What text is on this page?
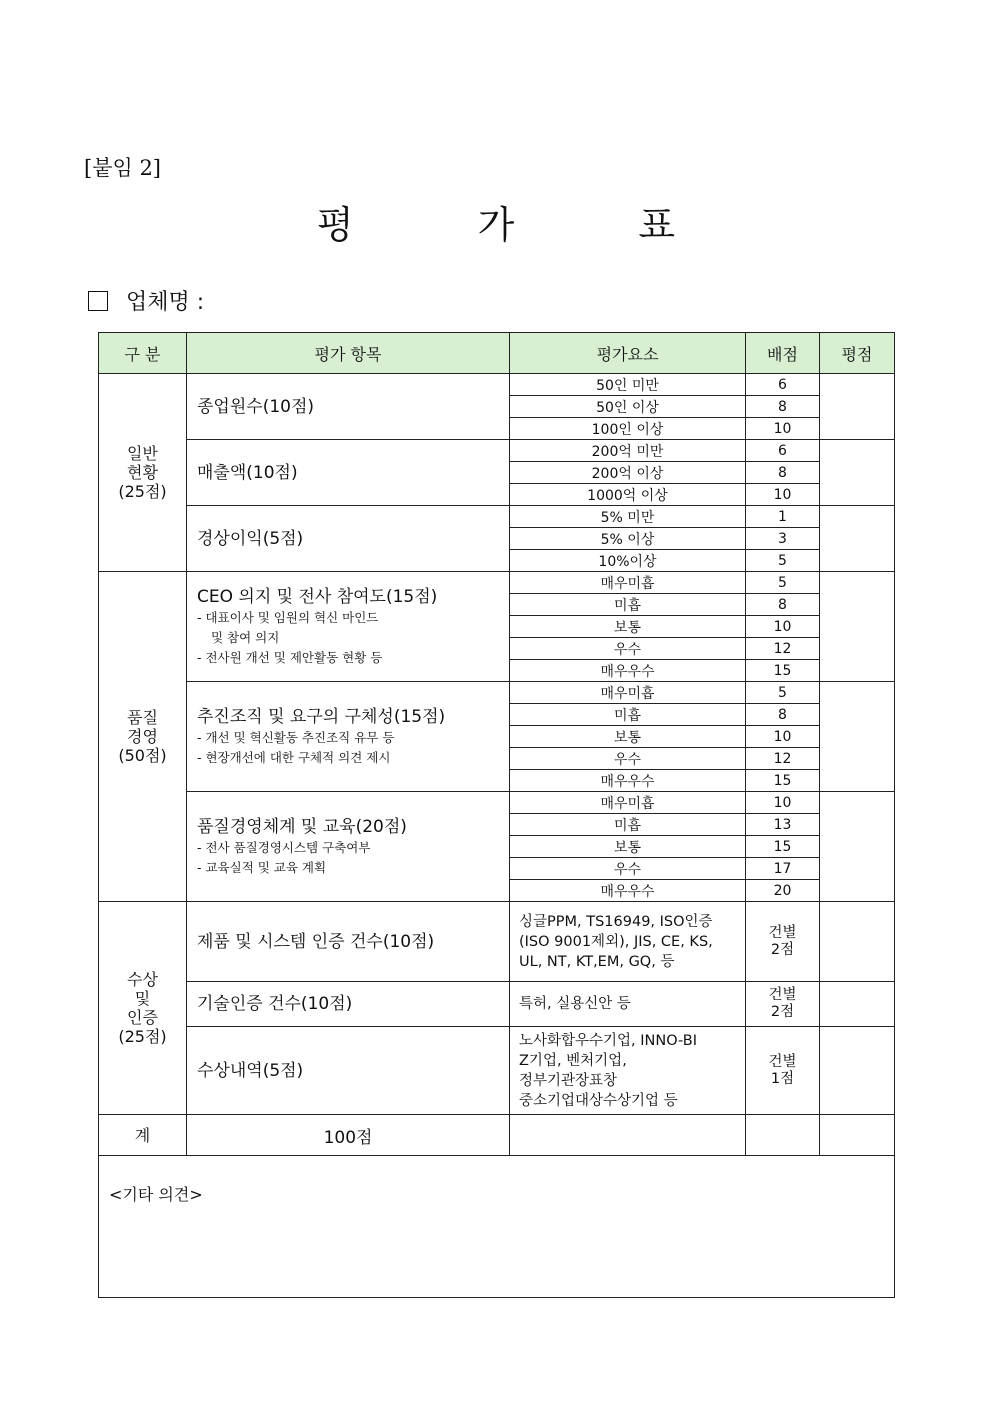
[붙임 2]
평 가 표
업체명 :
구 분	평가 항목	평가요소	배점	평점
일반
현황
(25점)	종업원수(10점)	50인 미만	6	
		50인 이상	8	
		100인 이상	10	
	매출액(10점)	200억 미만	6	
		200억 이상	8	
		1000억 이상	10	
	경상이익(5점)	5% 미만	1	
		5% 이상	3	
		10%이상	5	
품질
경영
(50점)	CEO 의지 및 전사 참여도(15점)
- 대표이사 및 임원의 혁신 마인드
및 참여 의지
- 전사원 개선 및 제안활동 현황 등	매우미흡	5	
		미흡	8	
		보통	10	
		우수	12	
		매우우수	15	
	추진조직 및 요구의 구체성(15점)
- 개선 및 혁신활동 추진조직 유무 등
- 현장개선에 대한 구체적 의견 제시	매우미흡	5	
		미흡	8	
		보통	10	
		우수	12	
		매우우수	15	
	품질경영체계 및 교육(20점)
- 전사 품질경영시스템 구축여부
- 교육실적 및 교육 계획	매우미흡	10	
		미흡	13	
		보통	15	
		우수	17	
		매우우수	20	
수상
및
인증
(25점)	제품 및 시스템 인증 건수(10점)	싱글PPM, TS16949, ISO인증
(ISO 9001제외), JIS, CE, KS,
UL, NT, KT,EM, GQ, 등	건별
2점	
	기술인증 건수(10점)	특허, 실용신안 등	건별
2점	
	수상내역(5점)	노사화합우수기업, INNO-BI
Z기업, 벤처기업,
정부기관장표창
중소기업대상수상기업 등	건별
1점	
계	100점			
<기타 의견>				
